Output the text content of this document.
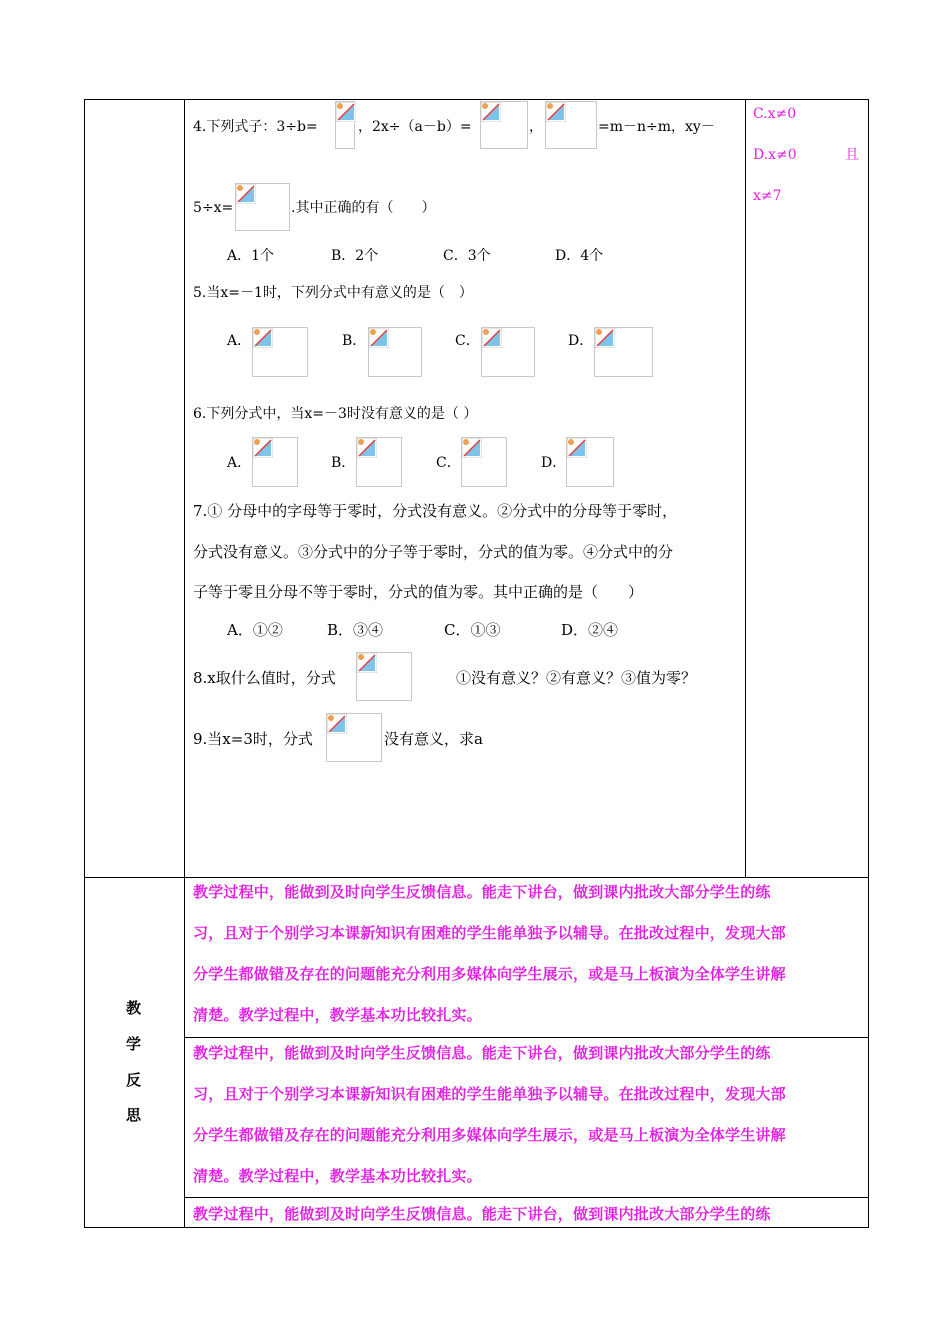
4.下列式子：3÷b=	，2x÷（a－b）=	，	=m－n÷m，xy－
5÷x=	.其中正确的有（　　）
A．1个	B．2个	C．3个	D．4个
5.当x=－1时，下列分式中有意义的是（　）
A．	B．	C．	D．
6.下列分式中，当x=－3时没有意义的是（ ）
A．	B．	C．	D．
7.① 分母中的字母等于零时，分式没有意义。②分式中的分母等于零时，
分式没有意义。③分式中的分子等于零时，分式的值为零。④分式中的分
子等于零且分母不等于零时，分式的值为零。其中正确的是（　　）
A．①②	B．③④	C．①③	D．②④
8.x取什么值时，分式	①没有意义？②有意义？③值为零？
9.当x=3时，分式	没有意义，求a
C.x≠0
D.x≠0	且
x≠7
教
学
反
思
教学过程中，能做到及时向学生反馈信息。能走下讲台，做到课内批改大部分学生的练
习，且对于个别学习本课新知识有困难的学生能单独予以辅导。在批改过程中，发现大部
分学生都做错及存在的问题能充分利用多媒体向学生展示，或是马上板演为全体学生讲解
清楚。教学过程中，教学基本功比较扎实。
教学过程中，能做到及时向学生反馈信息。能走下讲台，做到课内批改大部分学生的练
习，且对于个别学习本课新知识有困难的学生能单独予以辅导。在批改过程中，发现大部
分学生都做错及存在的问题能充分利用多媒体向学生展示，或是马上板演为全体学生讲解
清楚。教学过程中，教学基本功比较扎实。
教学过程中，能做到及时向学生反馈信息。能走下讲台，做到课内批改大部分学生的练
